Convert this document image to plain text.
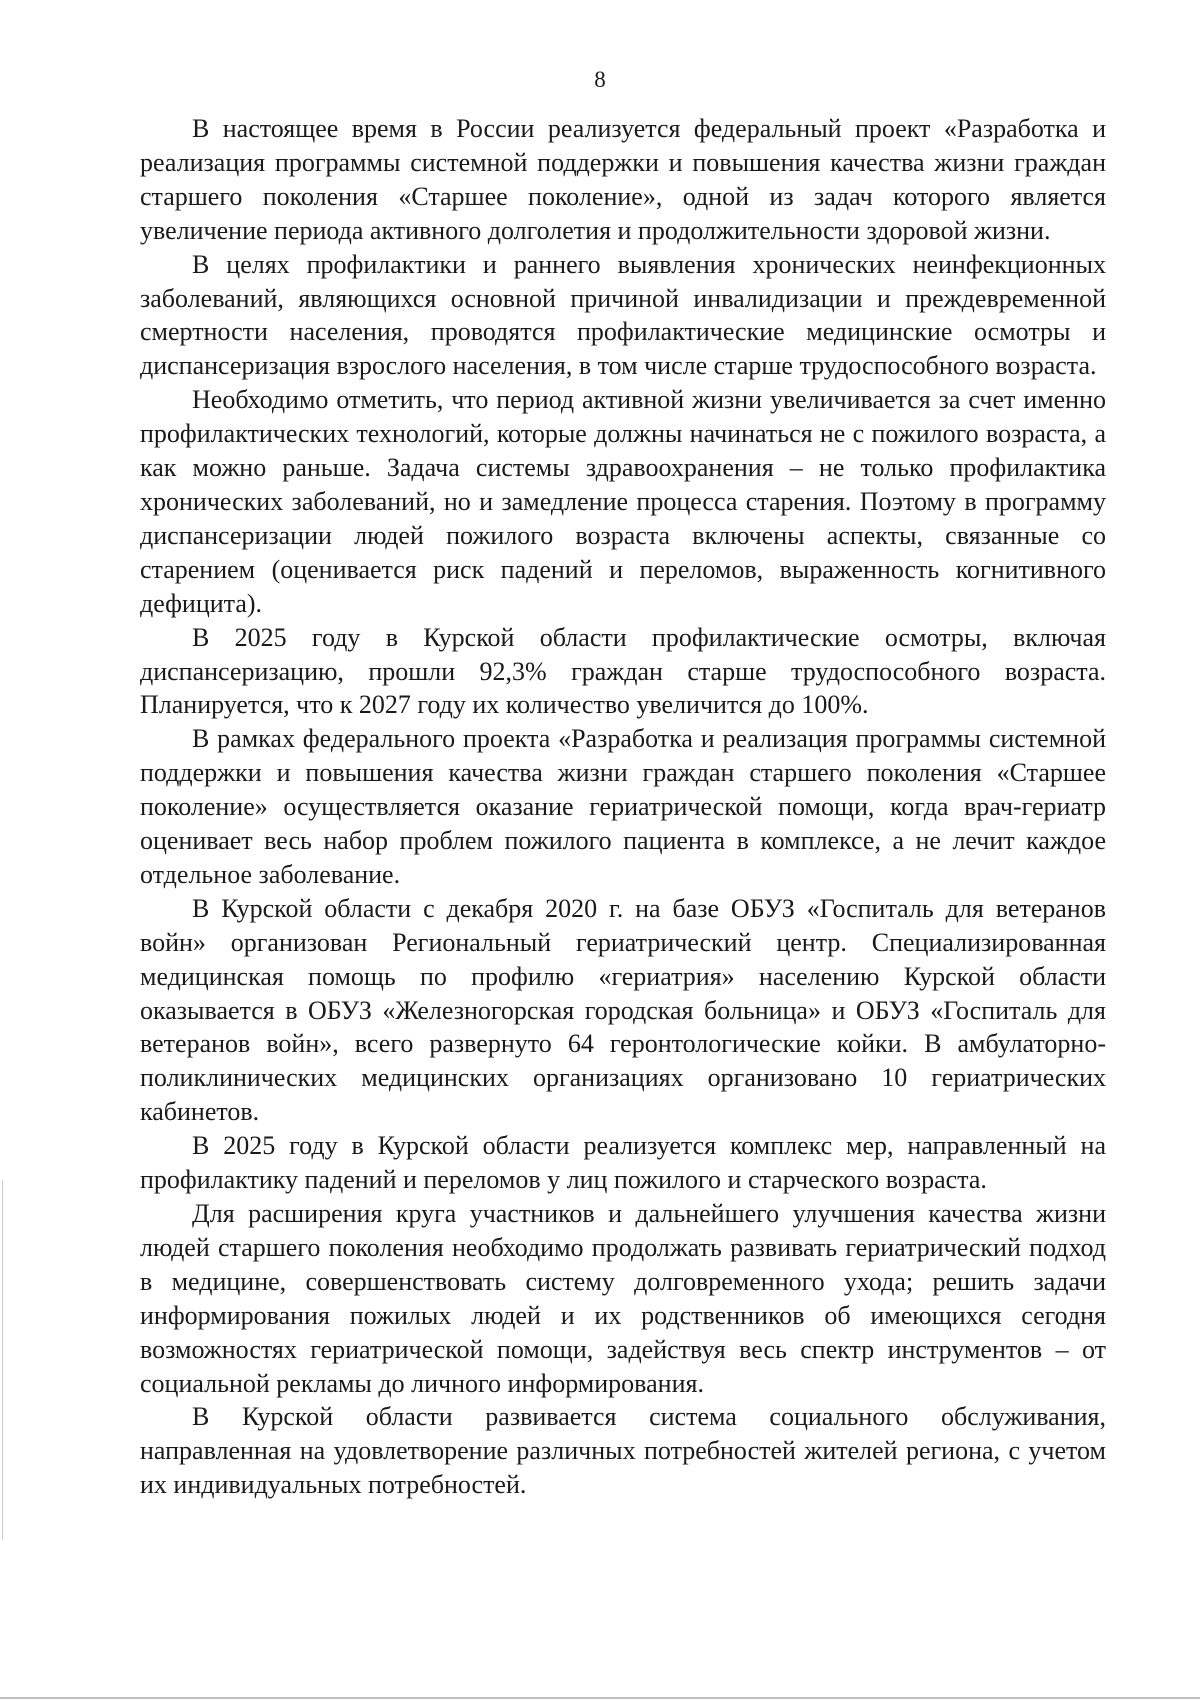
8

В настоящее время в России реализуется федеральный проект «Разработка и реализация программы системной поддержки и повышения качества жизни граждан старшего поколения «Старшее поколение», одной из задач которого является увеличение периода активного долголетия и продолжительности здоровой жизни.

В целях профилактики и раннего выявления хронических неинфекционных заболеваний, являющихся основной причиной инвалидизации и преждевременной смертности населения, проводятся профилактические медицинские осмотры и диспансеризация взрослого населения, в том числе старше трудоспособного возраста.

Необходимо отметить, что период активной жизни увеличивается за счет именно профилактических технологий, которые должны начинаться не с пожилого возраста, а как можно раньше. Задача системы здравоохранения – не только профилактика хронических заболеваний, но и замедление процесса старения. Поэтому в программу диспансеризации людей пожилого возраста включены аспекты, связанные со старением (оценивается риск падений и переломов, выраженность когнитивного дефицита).

В 2025 году в Курской области профилактические осмотры, включая диспансеризацию, прошли 92,3% граждан старше трудоспособного возраста. Планируется, что к 2027 году их количество увеличится до 100%.

В рамках федерального проекта «Разработка и реализация программы системной поддержки и повышения качества жизни граждан старшего поколения «Старшее поколение» осуществляется оказание гериатрической помощи, когда врач-гериатр оценивает весь набор проблем пожилого пациента в комплексе, а не лечит каждое отдельное заболевание.

В Курской области с декабря 2020 г. на базе ОБУЗ «Госпиталь для ветеранов войн» организован Региональный гериатрический центр. Специализированная медицинская помощь по профилю «гериатрия» населению Курской области оказывается в ОБУЗ «Железногорская городская больница» и ОБУЗ «Госпиталь для ветеранов войн», всего развернуто 64 геронтологические койки. В амбулаторно-поликлинических медицинских организациях организовано 10 гериатрических кабинетов.

В 2025 году в Курской области реализуется комплекс мер, направленный на профилактику падений и переломов у лиц пожилого и старческого возраста.

Для расширения круга участников и дальнейшего улучшения качества жизни людей старшего поколения необходимо продолжать развивать гериатрический подход в медицине, совершенствовать систему долговременного ухода; решить задачи информирования пожилых людей и их родственников об имеющихся сегодня возможностях гериатрической помощи, задействуя весь спектр инструментов – от социальной рекламы до личного информирования.

В Курской области развивается система социального обслуживания, направленная на удовлетворение различных потребностей жителей региона, с учетом их индивидуальных потребностей.
